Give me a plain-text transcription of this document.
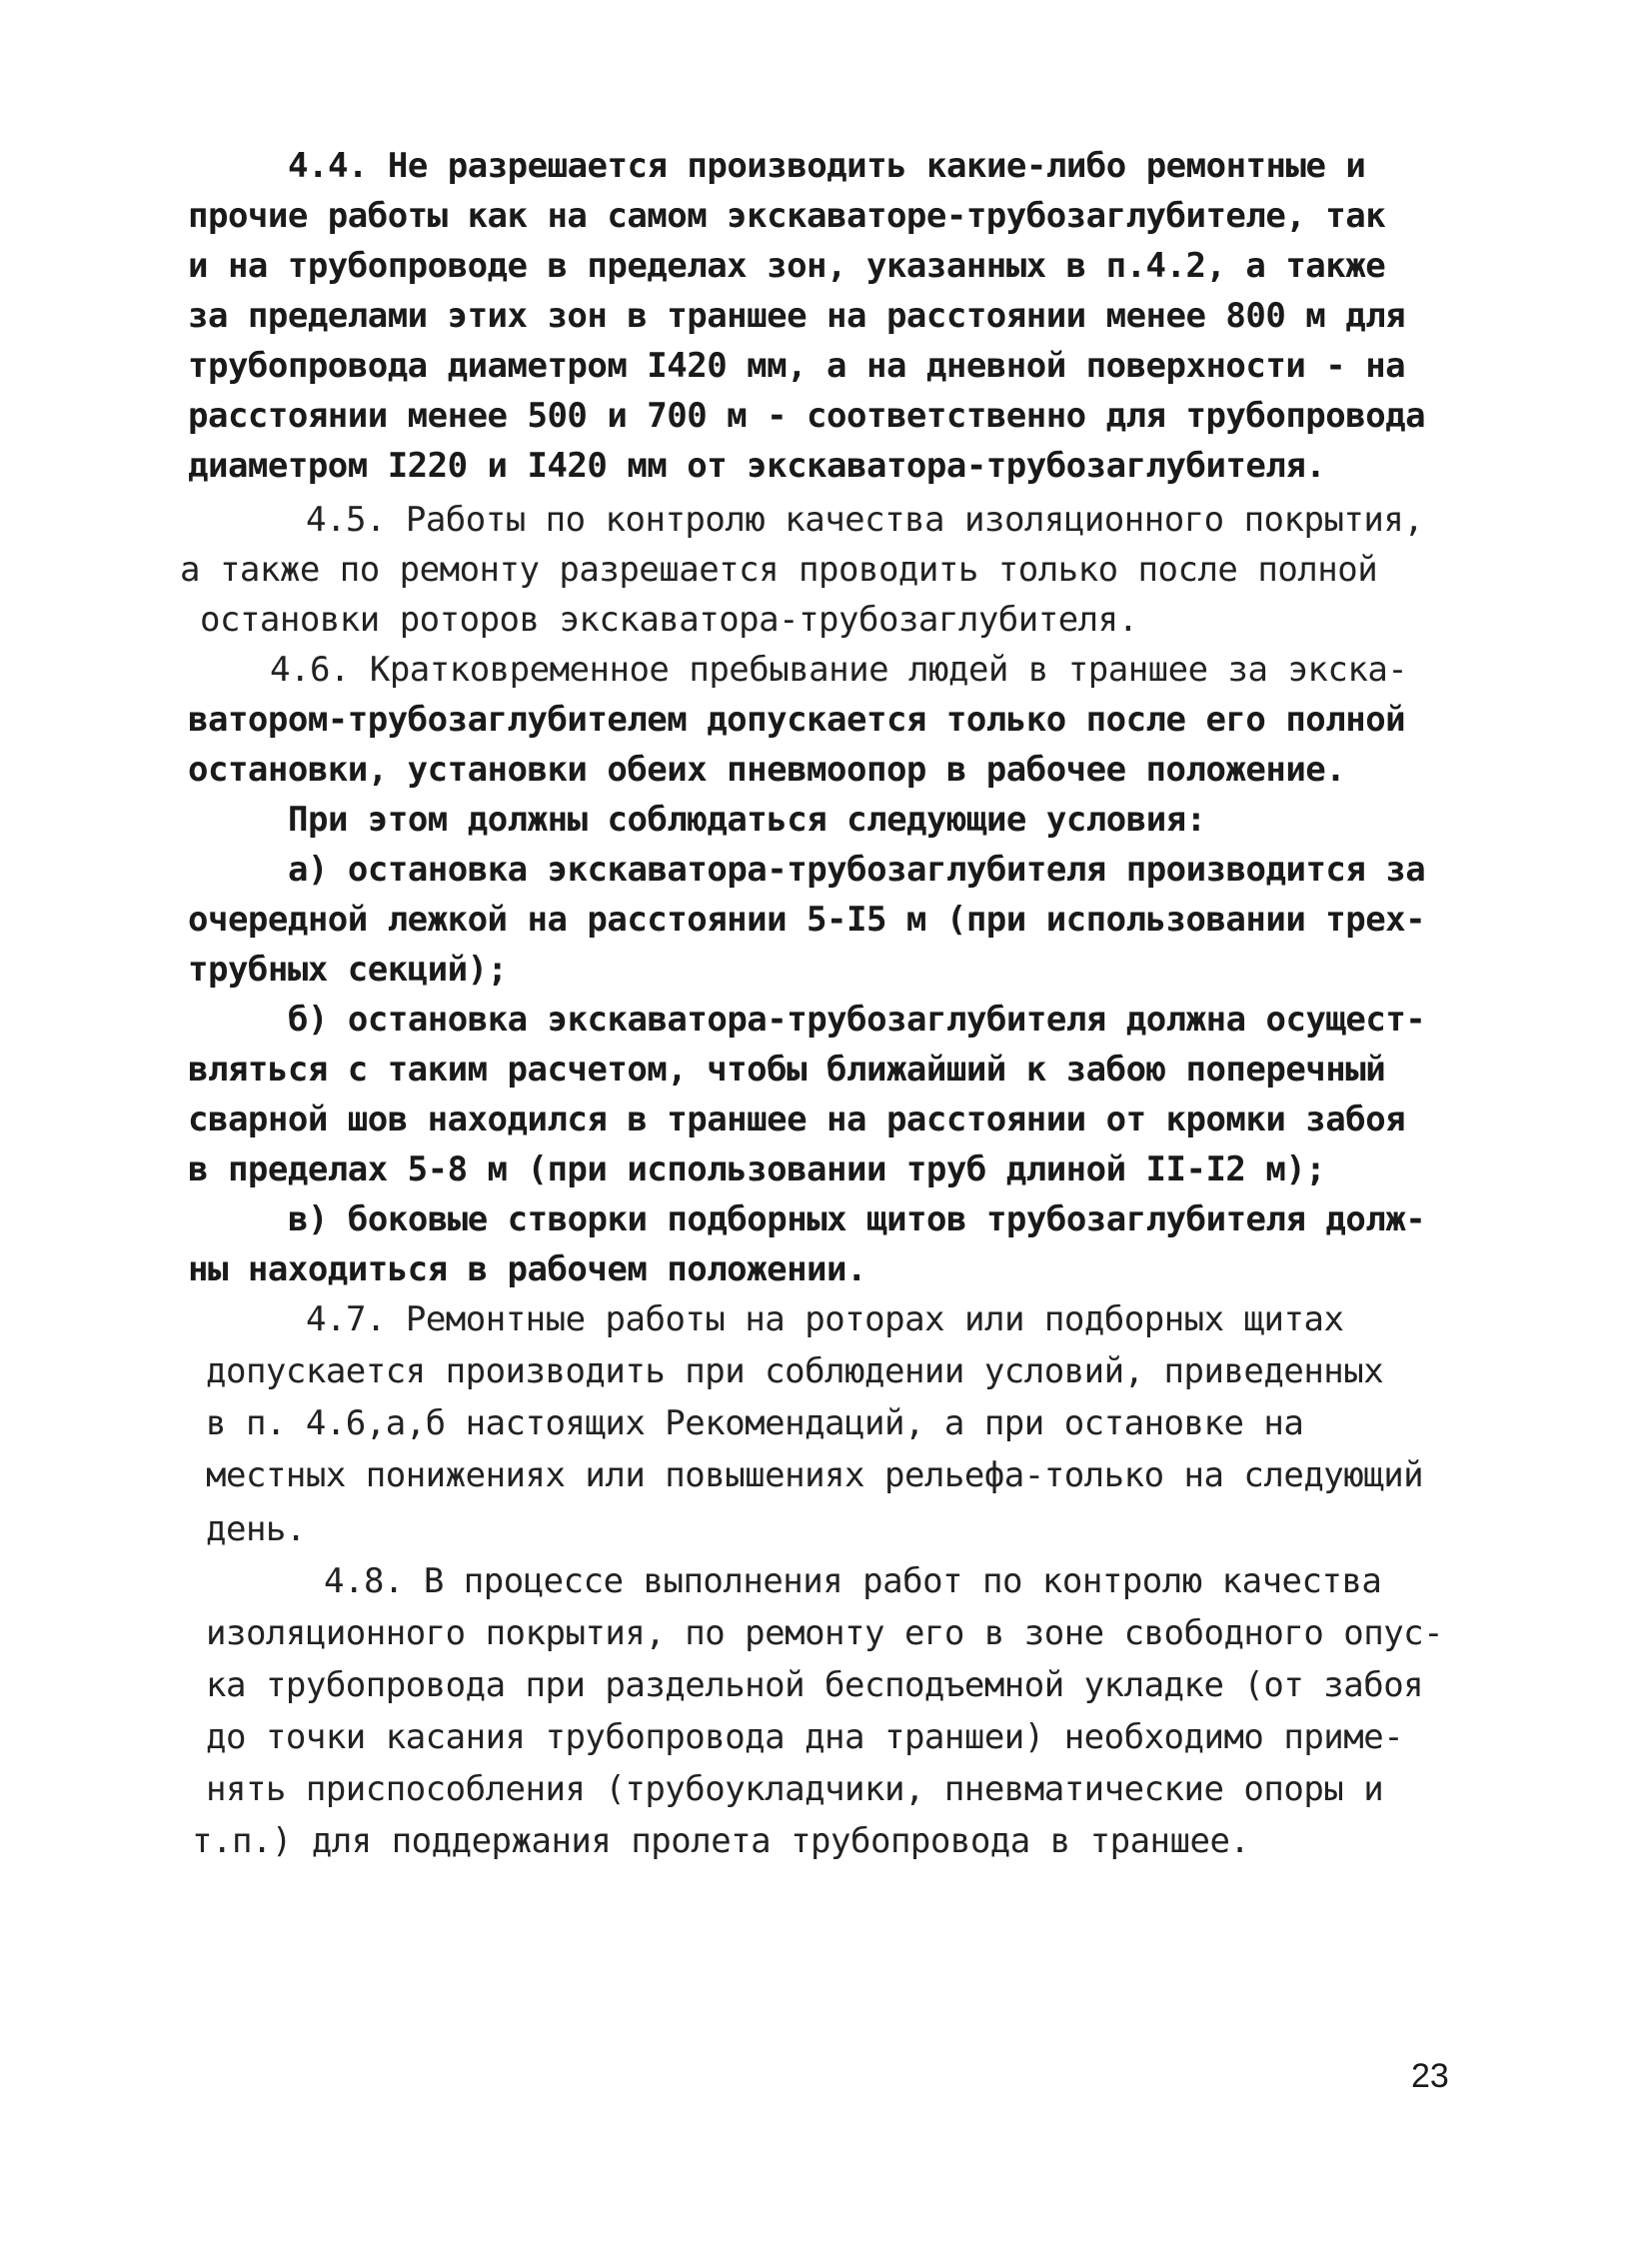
4.4. Не разрешается производить какие-либо ремонтные и
прочие работы как на самом экскаваторе-трубозаглубителе, так
и на трубопроводе в пределах зон, указанных в п.4.2, а также
за пределами этих зон в траншее на расстоянии менее 800 м для
трубопровода диаметром I420 мм, а на дневной поверхности - на
расстоянии менее 500 и 700 м - соответственно для трубопровода
диаметром I220 и I420 мм от экскаватора-трубозаглубителя.
4.5. Работы по контролю качества изоляционного покрытия,
а также по ремонту разрешается проводить только после полной
остановки роторов экскаватора-трубозаглубителя.
4.6. Кратковременное пребывание людей в траншее за экска-
ватором-трубозаглубителем допускается только после его полной
остановки, установки обеих пневмоопор в рабочее положение.
При этом должны соблюдаться следующие условия:
а) остановка экскаватора-трубозаглубителя производится за
очередной лежкой на расстоянии 5-I5 м (при использовании трех-
трубных секций);
б) остановка экскаватора-трубозаглубителя должна осущест-
вляться с таким расчетом, чтобы ближайший к забою поперечный
сварной шов находился в траншее на расстоянии от кромки забоя
в пределах 5-8 м (при использовании труб длиной II-I2 м);
в) боковые створки подборных щитов трубозаглубителя долж-
ны находиться в рабочем положении.
4.7. Ремонтные работы на роторах или подборных щитах
допускается производить при соблюдении условий, приведенных
в п. 4.6,а,б настоящих Рекомендаций, а при остановке на
местных понижениях или повышениях рельефа-только на следующий
день.
4.8. В процессе выполнения работ по контролю качества
изоляционного покрытия, по ремонту его в зоне свободного опус-
ка трубопровода при раздельной бесподъемной укладке (от забоя
до точки касания трубопровода дна траншеи) необходимо приме-
нять приспособления (трубоукладчики, пневматические опоры и
т.п.) для поддержания пролета трубопровода в траншее.
23
